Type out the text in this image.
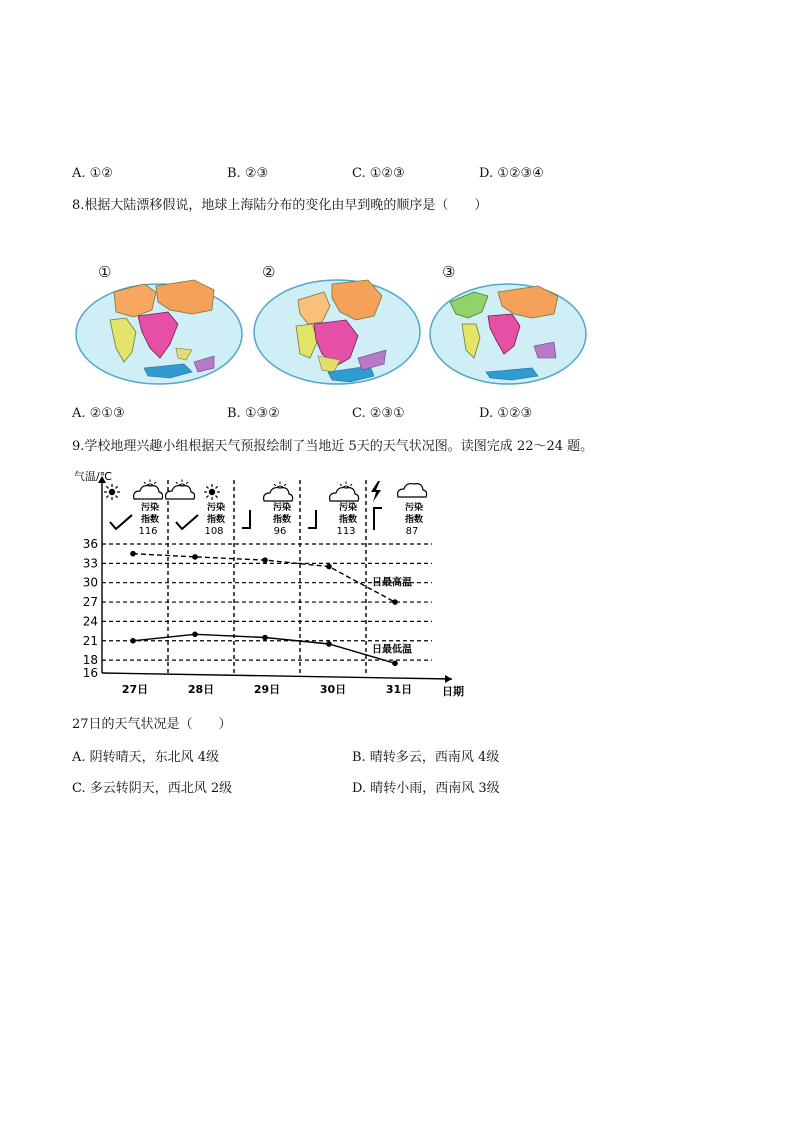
A. ①②	B. ②③	C. ①②③	D. ①②③④
8.根据大陆漂移假说，地球上海陆分布的变化由早到晚的顺序是（　　）
①	②	③
A. ②①③	B. ①③②	C. ②③①	D. ①②③
9.学校地理兴趣小组根据天气预报绘制了当地近 5天的天气状况图。读图完成 22～24 题。
气温/℃
日期
16
18
21
24
27
30
33
36
27日	28日	29日	30日	31日
污染
指数
116
污染
指数
108
污染
指数
96
污染
指数
113
污染
指数
87
日最高温
日最低温
27日的天气状况是（　　）
A. 阴转晴天，东北风 4级	B. 晴转多云，西南风 4级
C. 多云转阴天，西北风 2级	D. 晴转小雨，西南风 3级
